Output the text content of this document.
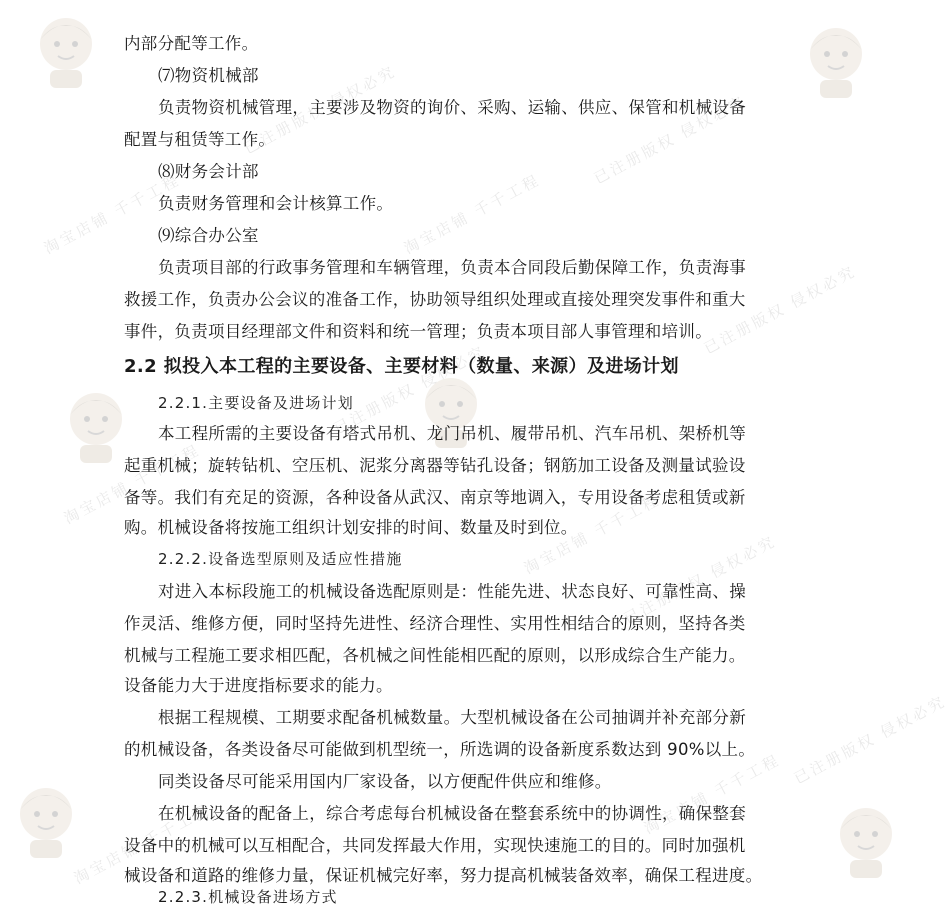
淘宝店铺 千千工程	淘宝店铺 千千工程
已注册版权 侵权必究	已注册版权 侵权必究
已注册版权 侵权必究
已注册版权 侵权必究
淘宝店铺 千千工程
淘宝店铺 千千工程
已注册版权 侵权必究
已注册版权 侵权必究
淘宝店铺 千千工程
淘宝店铺 千千工程
内部分配等工作。
⑺物资机械部
负责物资机械管理，主要涉及物资的询价、采购、运输、供应、保管和机械设备
配置与租赁等工作。
⑻财务会计部
负责财务管理和会计核算工作。
⑼综合办公室
负责项目部的行政事务管理和车辆管理，负责本合同段后勤保障工作，负责海事
救援工作，负责办公会议的准备工作，协助领导组织处理或直接处理突发事件和重大
事件，负责项目经理部文件和资料和统一管理；负责本项目部人事管理和培训。
2.2 拟投入本工程的主要设备、主要材料（数量、来源）及进场计划
2.2.1.主要设备及进场计划
本工程所需的主要设备有塔式吊机、龙门吊机、履带吊机、汽车吊机、架桥机等
起重机械；旋转钻机、空压机、泥浆分离器等钻孔设备；钢筋加工设备及测量试验设
备等。我们有充足的资源，各种设备从武汉、南京等地调入，专用设备考虑租赁或新
购。机械设备将按施工组织计划安排的时间、数量及时到位。
2.2.2.设备选型原则及适应性措施
对进入本标段施工的机械设备选配原则是：性能先进、状态良好、可靠性高、操
作灵活、维修方便，同时坚持先进性、经济合理性、实用性相结合的原则，坚持各类
机械与工程施工要求相匹配，各机械之间性能相匹配的原则，以形成综合生产能力。
设备能力大于进度指标要求的能力。
根据工程规模、工期要求配备机械数量。大型机械设备在公司抽调并补充部分新
的机械设备，各类设备尽可能做到机型统一，所选调的设备新度系数达到 90%以上。
同类设备尽可能采用国内厂家设备，以方便配件供应和维修。
在机械设备的配备上，综合考虑每台机械设备在整套系统中的协调性，确保整套
设备中的机械可以互相配合，共同发挥最大作用，实现快速施工的目的。同时加强机
械设备和道路的维修力量，保证机械完好率，努力提高机械装备效率，确保工程进度。
2.2.3.机械设备进场方式
